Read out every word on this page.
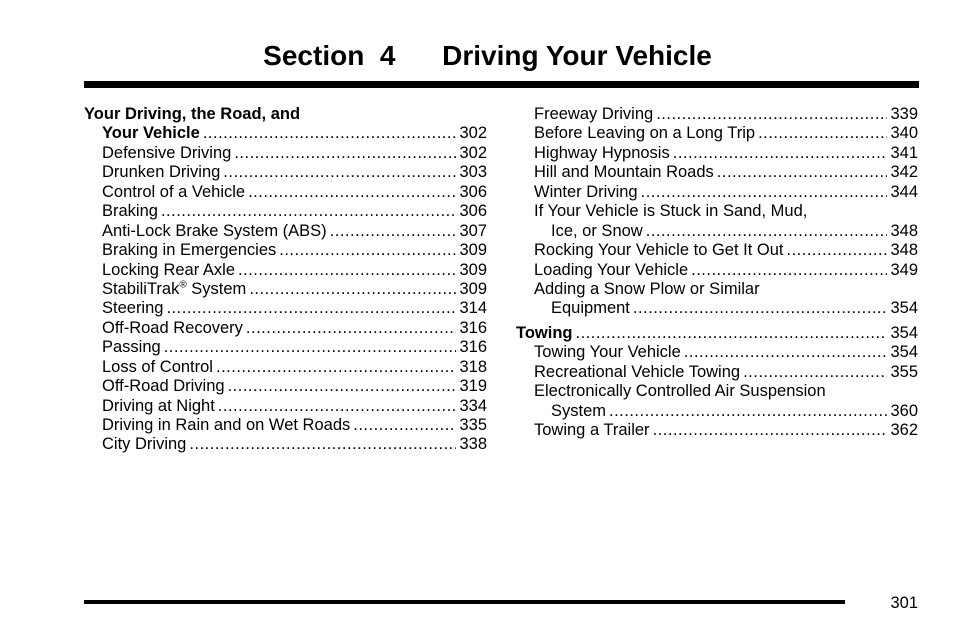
Section  4      Driving Your Vehicle
Your Driving, the Road, and
Your Vehicle .....	302
Defensive Driving .....	302
Drunken Driving .....	303
Control of a Vehicle .....	306
Braking .....	306
Anti-Lock Brake System (ABS) .....	307
Braking in Emergencies .....	309
Locking Rear Axle .....	309
StabiliTrak® System .....	309
Steering .....	314
Off-Road Recovery .....	316
Passing .....	316
Loss of Control .....	318
Off-Road Driving .....	319
Driving at Night .....	334
Driving in Rain and on Wet Roads .....	335
City Driving .....	338
Freeway Driving .....	339
Before Leaving on a Long Trip .....	340
Highway Hypnosis .....	341
Hill and Mountain Roads .....	342
Winter Driving .....	344
If Your Vehicle is Stuck in Sand, Mud,
Ice, or Snow .....	348
Rocking Your Vehicle to Get It Out .....	348
Loading Your Vehicle .....	349
Adding a Snow Plow or Similar
Equipment .....	354
Towing .....	354
Towing Your Vehicle .....	354
Recreational Vehicle Towing .....	355
Electronically Controlled Air Suspension
System .....	360
Towing a Trailer .....	362
301
